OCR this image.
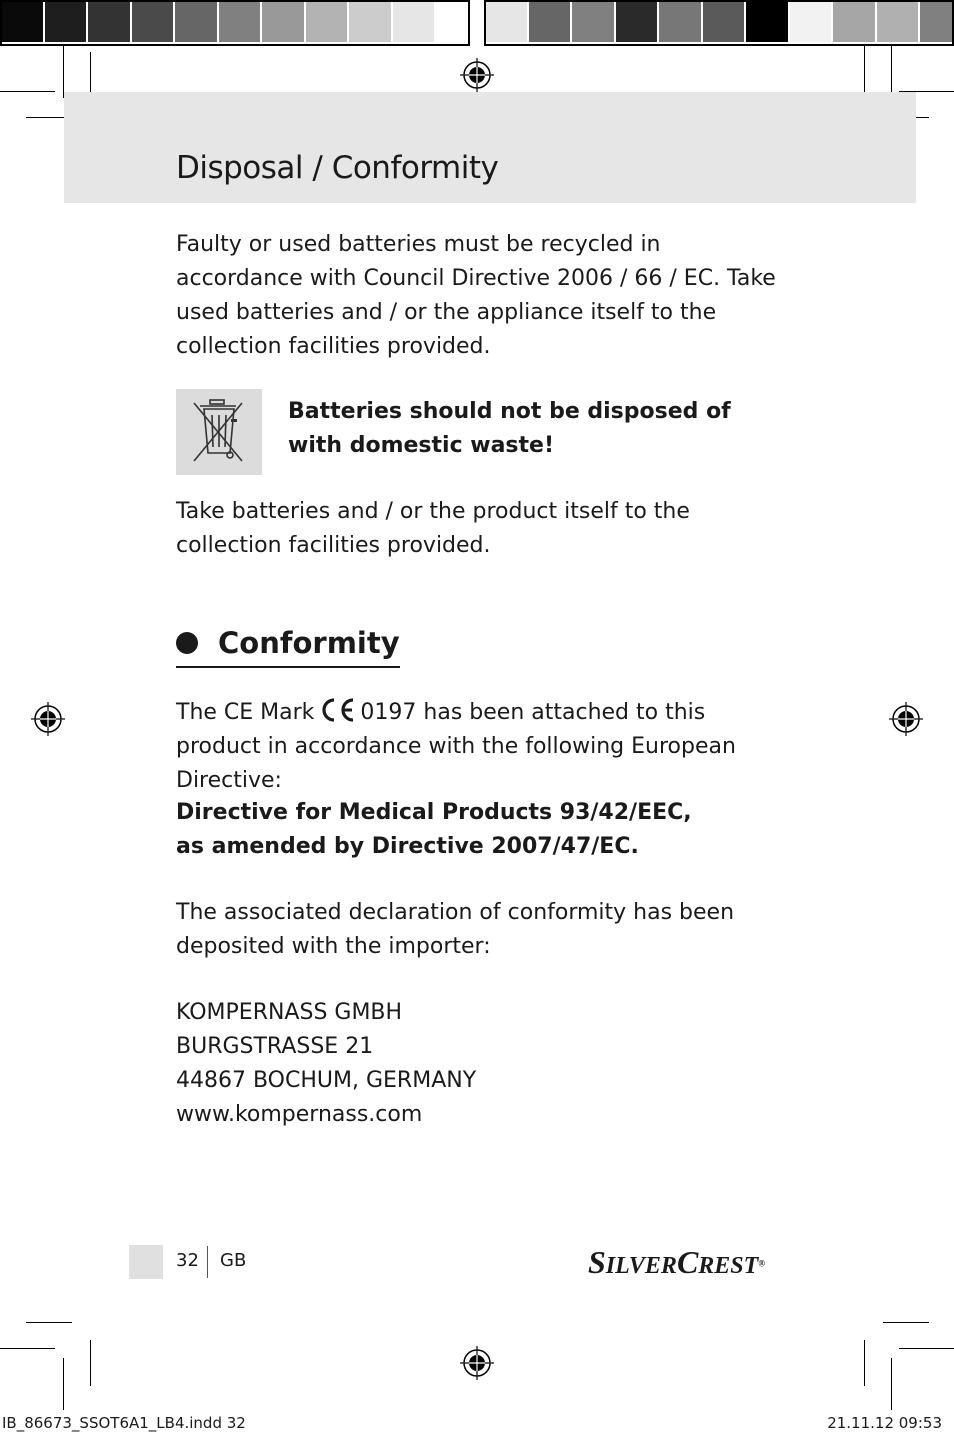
Disposal / Conformity
Faulty or used batteries must be recycled in accordance with Council Directive 2006 / 66 / EC. Take used batteries and / or the appliance itself to the collection facilities provided.
Batteries should not be disposed of with domestic waste!
Take batteries and / or the product itself to the collection facilities provided.
Conformity
The CE Mark 0197 has been attached to this product in accordance with the following European Directive:
Directive for Medical Products 93/42/EEC,
as amended by Directive 2007/47/EC.
The associated declaration of conformity has been deposited with the importer:
KOMPERNASS GMBH
BURGSTRASSE 21
44867 BOCHUM, GERMANY
www.kompernass.com
32 GB	SILVERCREST®
IB_86673_SSOT6A1_LB4.indd 32	21.11.12 09:53
